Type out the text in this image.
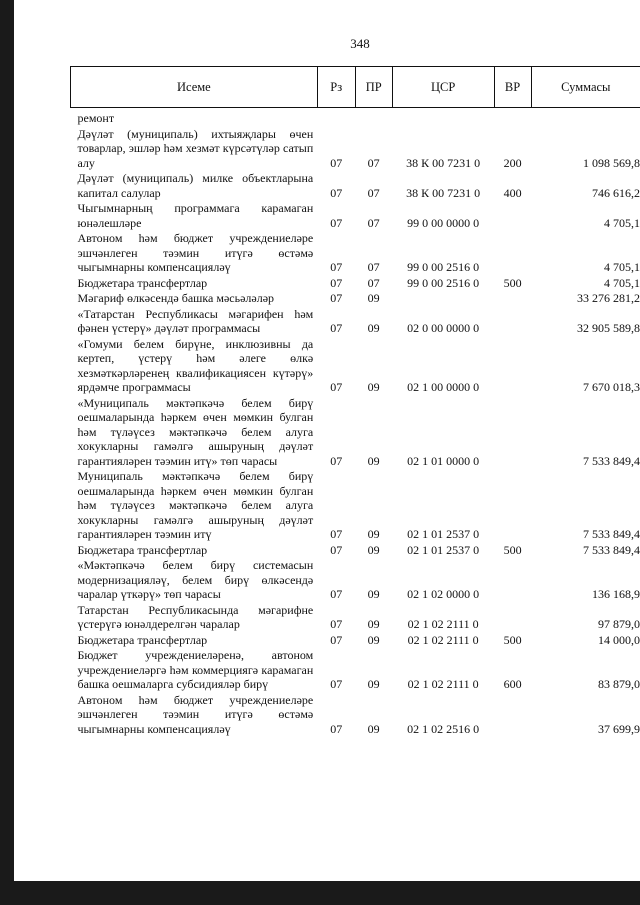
348
Исеме	Рз	ПР	ЦСР	ВР	Суммасы
ремонт					
Дәүләт (муниципаль) ихтыяҗлары өчен товарлар, эшләр һәм хезмәт күрсәтүләр сатып алу	07	07	38 К 00 7231 0	200	1 098 569,8
Дәүләт (муниципаль) милке объектларына капитал салулар	07	07	38 К 00 7231 0	400	746 616,2
Чыгымнарның программага карамаган юнәлешләре	07	07	99 0 00 0000 0		4 705,1
Автоном һәм бюджет учреждениеләре эшчәнлеген тәэмин итүгә өстәмә чыгымнарны компенсацияләү	07	07	99 0 00 2516 0		4 705,1
Бюджетара трансфертлар	07	07	99 0 00 2516 0	500	4 705,1
Мәгариф өлкәсендә башка мәсьәләләр	07	09			33 276 281,2
«Татарстан Республикасы мәгарифен һәм фәнен үстерү» дәүләт программасы	07	09	02 0 00 0000 0		32 905 589,8
«Гомуми белем бирүне, инклюзивны да кертеп, үстерү һәм әлеге өлкә хезмәткәрләренең квалификациясен күтәрү» ярдәмче программасы	07	09	02 1 00 0000 0		7 670 018,3
«Муниципаль мәктәпкәчә белем бирү оешмаларында һәркем өчен мөмкин булган һәм түләүсез мәктәпкәчә белем алуга хокукларны гамәлгә ашыруның дәүләт гарантияләрен тәэмин итү» төп чарасы	07	09	02 1 01 0000 0		7 533 849,4
Муниципаль мәктәпкәчә белем бирү оешмаларында һәркем өчен мөмкин булган һәм түләүсез мәктәпкәчә белем алуга хокукларны гамәлгә ашыруның дәүләт гарантияләрен тәэмин итү	07	09	02 1 01 2537 0		7 533 849,4
Бюджетара трансфертлар	07	09	02 1 01 2537 0	500	7 533 849,4
«Мәктәпкәчә белем бирү системасын модернизацияләү, белем бирү өлкәсендә чаралар үткәрү» төп чарасы	07	09	02 1 02 0000 0		136 168,9
Татарстан Республикасында мәгарифне үстерүгә юнәлдерелгән чаралар	07	09	02 1 02 2111 0		97 879,0
Бюджетара трансфертлар	07	09	02 1 02 2111 0	500	14 000,0
Бюджет учреждениеләренә, автоном учреждениеләргә һәм коммерциягә карамаган башка оешмаларга субсидияләр бирү	07	09	02 1 02 2111 0	600	83 879,0
Автоном һәм бюджет учреждениеләре эшчәнлеген тәэмин итүгә өстәмә чыгымнарны компенсацияләү	07	09	02 1 02 2516 0		37 699,9
